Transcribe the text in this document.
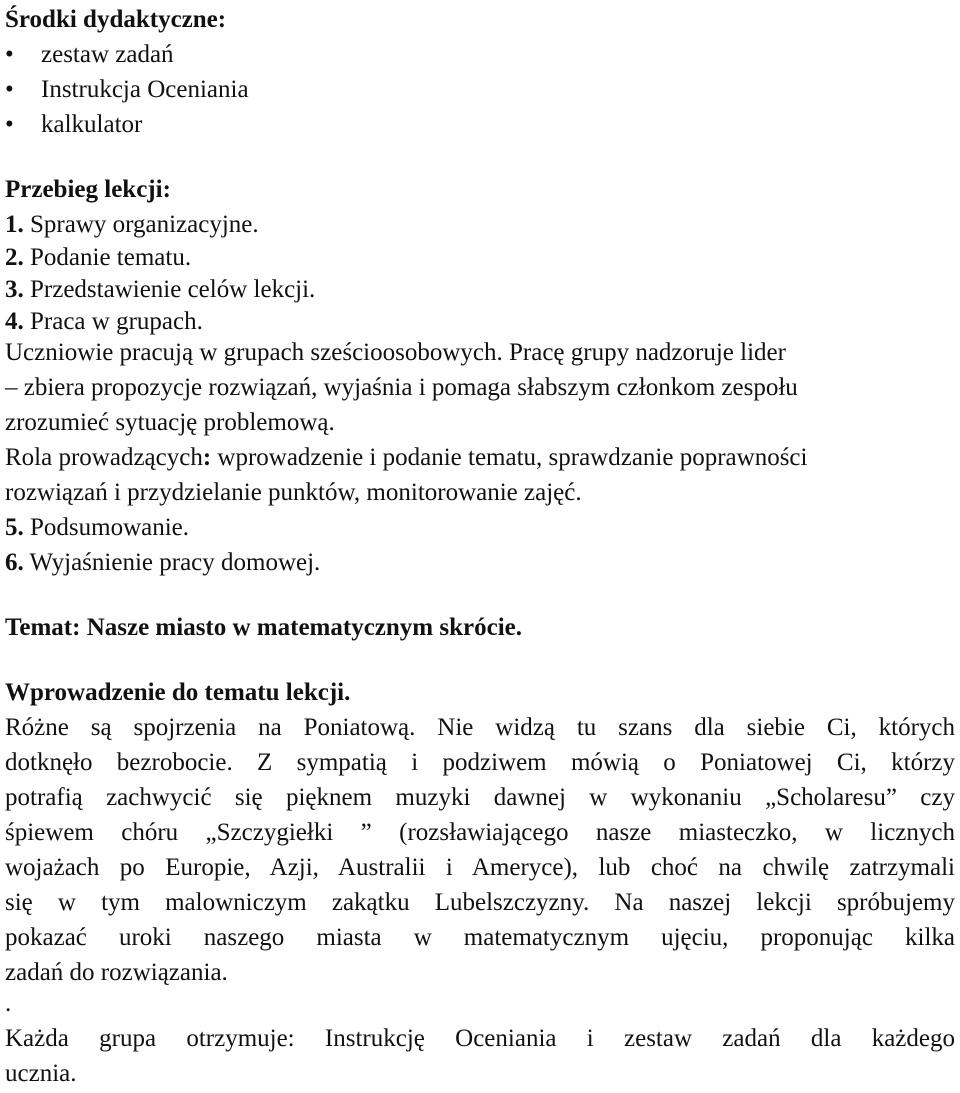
Środki dydaktyczne:
•	zestaw zadań
•	Instrukcja Oceniania
•	kalkulator
Przebieg lekcji:
1. Sprawy organizacyjne.
2. Podanie tematu.
3. Przedstawienie celów lekcji.
4. Praca w grupach.
Uczniowie pracują w grupach sześcioosobowych. Pracę grupy nadzoruje lider
– zbiera propozycje rozwiązań, wyjaśnia i pomaga słabszym członkom zespołu
zrozumieć sytuację problemową.
Rola prowadzących: wprowadzenie i podanie tematu, sprawdzanie poprawności
rozwiązań i przydzielanie punktów, monitorowanie zajęć.
5. Podsumowanie.
6. Wyjaśnienie pracy domowej.
Temat: Nasze miasto w matematycznym skrócie.
Wprowadzenie do tematu lekcji.
Różne są spojrzenia na Poniatową. Nie widzą tu szans dla siebie Ci, których
dotknęło bezrobocie. Z sympatią i podziwem mówią o Poniatowej Ci, którzy
potrafią zachwycić się pięknem muzyki dawnej w wykonaniu „Scholaresu” czy
śpiewem chóru „Szczygiełki ” (rozsławiającego nasze miasteczko, w licznych
wojażach po Europie, Azji, Australii i Ameryce), lub choć na chwilę zatrzymali
się w tym malowniczym zakątku Lubelszczyzny. Na naszej lekcji spróbujemy
pokazać uroki naszego miasta w matematycznym ujęciu, proponując kilka
zadań do rozwiązania.
.
Każda grupa otrzymuje: Instrukcję Oceniania i zestaw zadań dla każdego
ucznia.
